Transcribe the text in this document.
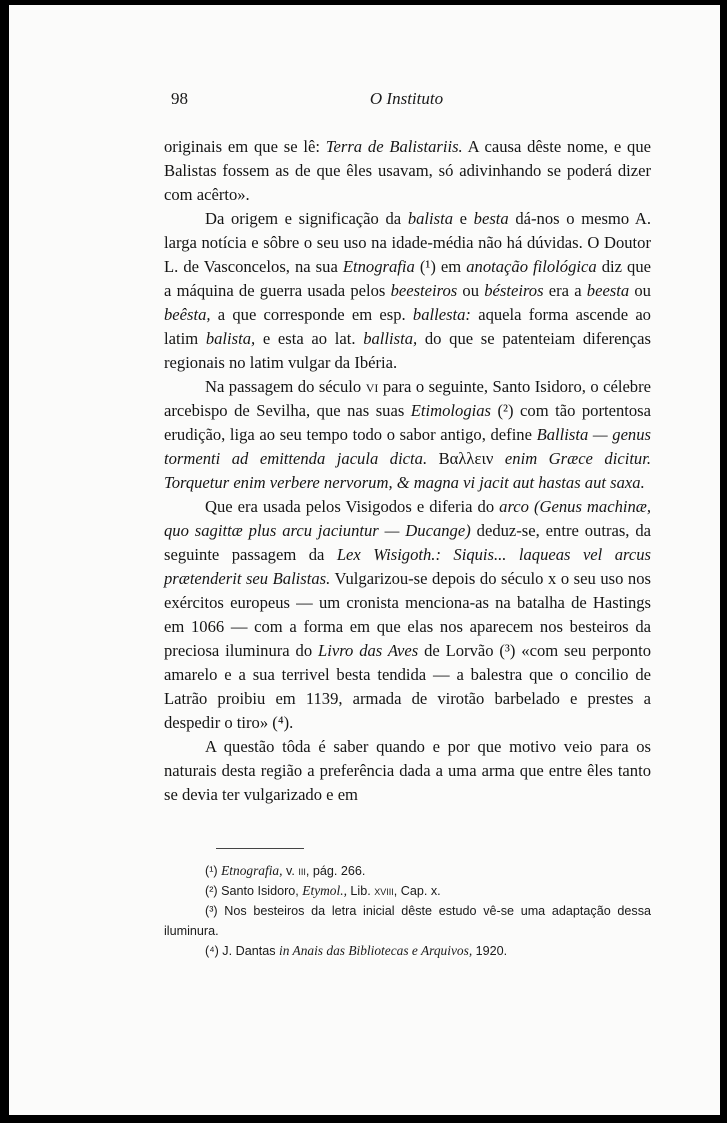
98	O Instituto

originais em que se lê: Terra de Balistariis. A causa dêste nome, e que Balistas fossem as de que êles usavam, só adivinhando se poderá dizer com acêrto».

Da origem e significação da balista e besta dá-nos o mesmo A. larga notícia e sôbre o seu uso na idade-média não há dúvidas. O Doutor L. de Vasconcelos, na sua Etnografia (¹) em anotação filológica diz que a máquina de guerra usada pelos beesteiros ou bésteiros era a beesta ou beêsta, a que corresponde em esp. ballesta: aquela forma ascende ao latim balista, e esta ao lat. ballista, do que se patenteiam diferenças regionais no latim vulgar da Ibéria.

Na passagem do século vi para o seguinte, Santo Isidoro, o célebre arcebispo de Sevilha, que nas suas Etimologias (²) com tão portentosa erudição, liga ao seu tempo todo o sabor antigo, define Ballista — genus tormenti ad emittenda jacula dicta. Βαλλειν enim Græce dicitur. Torquetur enim verbere nervorum, & magna vi jacit aut hastas aut saxa.

Que era usada pelos Visigodos e diferia do arco (Genus machinæ, quo sagittæ plus arcu jaciuntur — Ducange) deduz-se, entre outras, da seguinte passagem da Lex Wisigoth.: Siquis... laqueas vel arcus prætenderit seu Balistas. Vulgarizou-se depois do século x o seu uso nos exércitos europeus — um cronista menciona-as na batalha de Hastings em 1066 — com a forma em que elas nos aparecem nos besteiros da preciosa iluminura do Livro das Aves de Lorvão (³) «com seu perponto amarelo e a sua terrivel besta tendida — a balestra que o concilio de Latrão proibiu em 1139, armada de virotão barbelado e prestes a despedir o tiro» (⁴).

A questão tôda é saber quando e por que motivo veio para os naturais desta região a preferência dada a uma arma que entre êles tanto se devia ter vulgarizado e em

(¹) Etnografia, v. iii, pág. 266.

(²) Santo Isidoro, Etymol., Lib. xviii, Cap. x.

(³) Nos besteiros da letra inicial dêste estudo vê-se uma adaptação dessa iluminura.

(⁴) J. Dantas in Anais das Bibliotecas e Arquivos, 1920.
